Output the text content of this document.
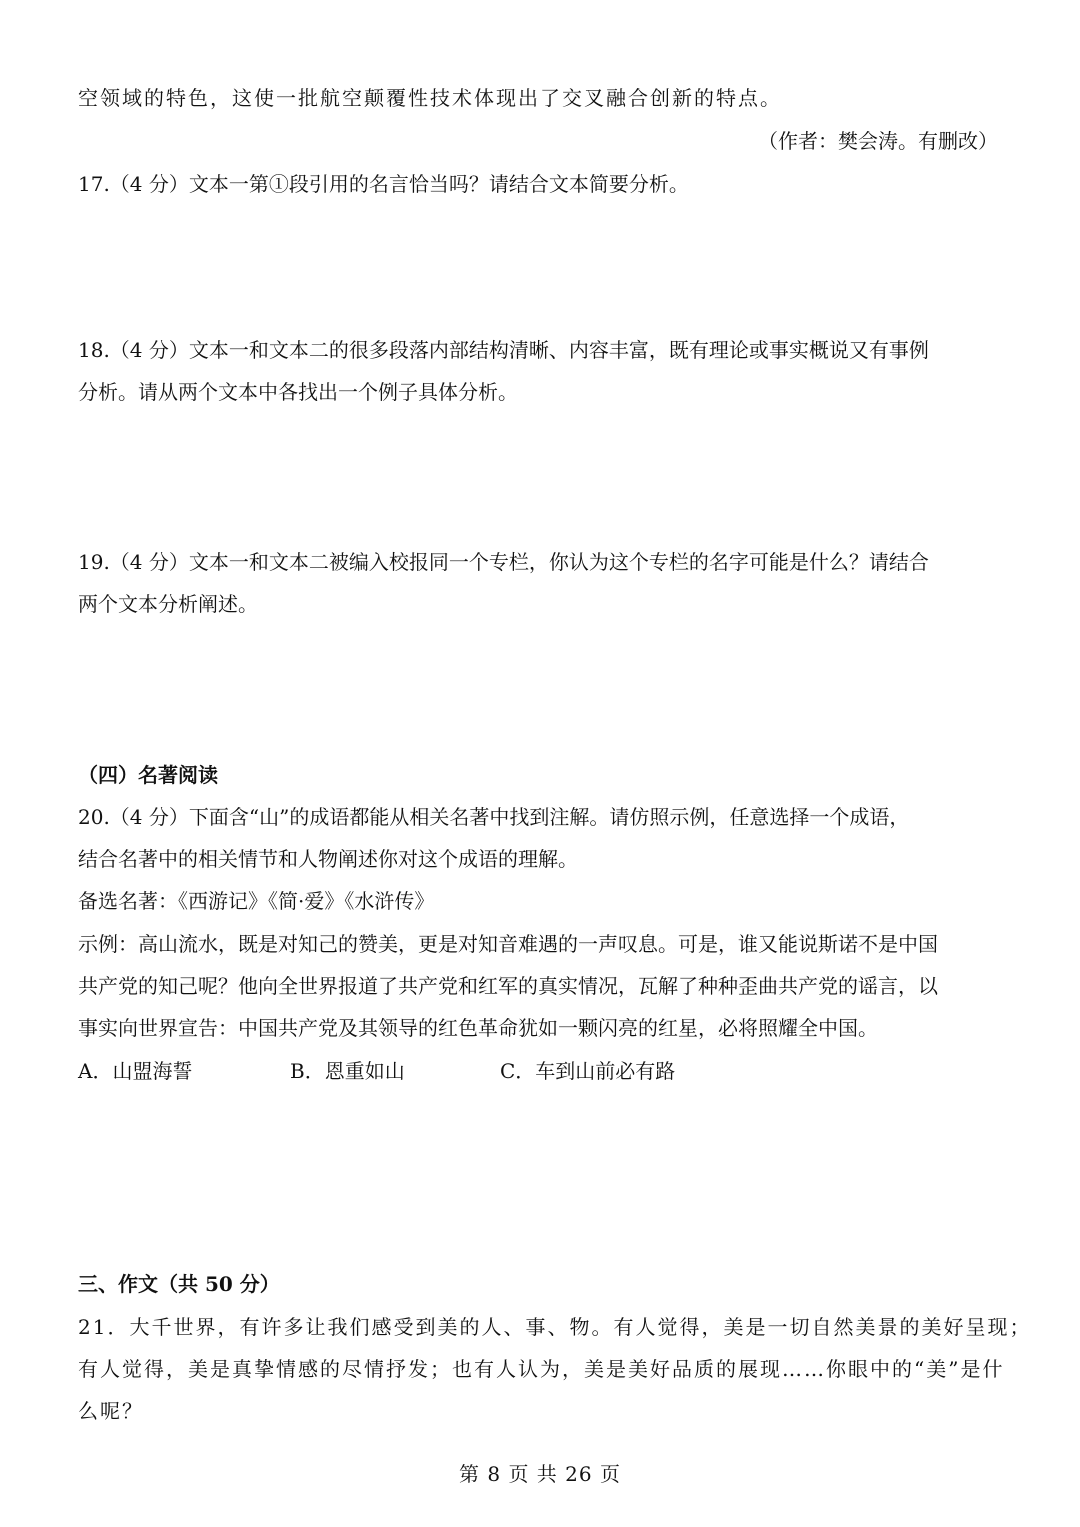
空领域的特色，这使一批航空颠覆性技术体现出了交叉融合创新的特点。
（作者：樊会涛。有删改）
17.（4 分）文本一第①段引用的名言恰当吗？请结合文本简要分析。
18.（4 分）文本一和文本二的很多段落内部结构清晰、内容丰富，既有理论或事实概说又有事例
分析。请从两个文本中各找出一个例子具体分析。
19.（4 分）文本一和文本二被编入校报同一个专栏，你认为这个专栏的名字可能是什么？请结合
两个文本分析阐述。
（四）名著阅读
20.（4 分）下面含“山”的成语都能从相关名著中找到注解。请仿照示例，任意选择一个成语，
结合名著中的相关情节和人物阐述你对这个成语的理解。
备选名著：《西游记》《简·爱》《水浒传》
示例：高山流水，既是对知己的赞美，更是对知音难遇的一声叹息。可是，谁又能说斯诺不是中国
共产党的知己呢？他向全世界报道了共产党和红军的真实情况，瓦解了种种歪曲共产党的谣言，以
事实向世界宣告：中国共产党及其领导的红色革命犹如一颗闪亮的红星，必将照耀全中国。
A．山盟海誓	B．恩重如山	C．车到山前必有路
三、作文（共 50 分）
21．大千世界，有许多让我们感受到美的人、事、物。有人觉得，美是一切自然美景的美好呈现；
有人觉得，美是真挚情感的尽情抒发；也有人认为，美是美好品质的展现……你眼中的“美”是什
么呢？
第 8 页 共 26 页
